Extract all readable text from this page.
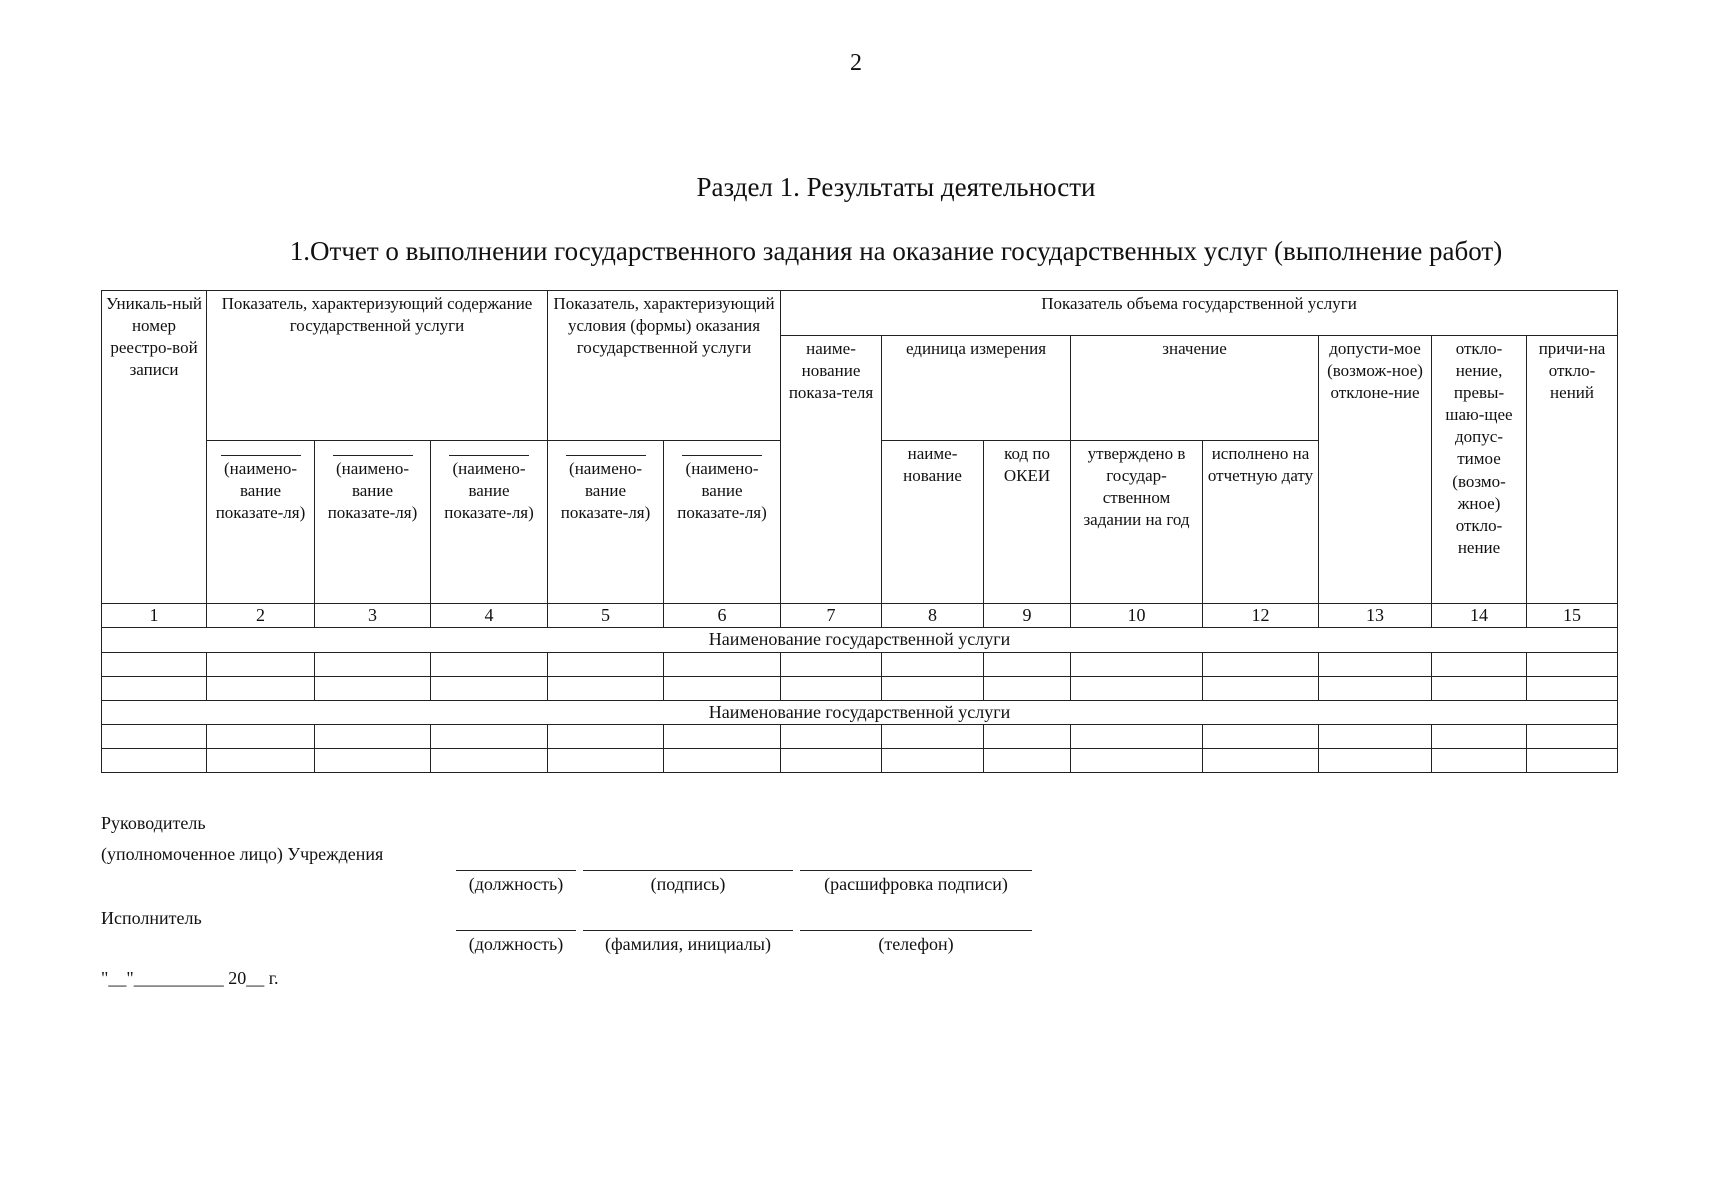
2
Раздел 1. Результаты деятельности
1.Отчет о выполнении государственного задания на оказание государственных услуг (выполнение работ)
Уникаль-ный номер реестро-вой записи	Показатель, характеризующий содержание государственной услуги			Показатель, характеризующий условия (формы) оказания государственной услуги		Показатель объема государственной услуги							
						наиме-нование показа-теля	единица измерения		значение		допусти-мое (возмож-ное) отклоне-ние	откло-нение, превы-шаю-щее допус-тимое (возмо-жное) откло-нение	причи-на откло-нений

(наимено-вание показате-ля)	(наимено-вание показате-ля)	(наимено-вание показате-ля)	(наимено-вание показате-ля)	(наимено-вание показате-ля)		наиме-нование	код по ОКЕИ	утверждено в государ-ственном задании на год	исполнено на отчетную дату			
1	2	3	4	5	6	7	8	9	10	12	13	14	15
Наименование государственной услуги													

Наименование государственной услуги													

Руководитель
(уполномоченное лицо) Учреждения
(должность)	(подпись)	(расшифровка подписи)
Исполнитель
(должность)	(фамилия, инициалы)	(телефон)
"__"__________ 20__ г.
